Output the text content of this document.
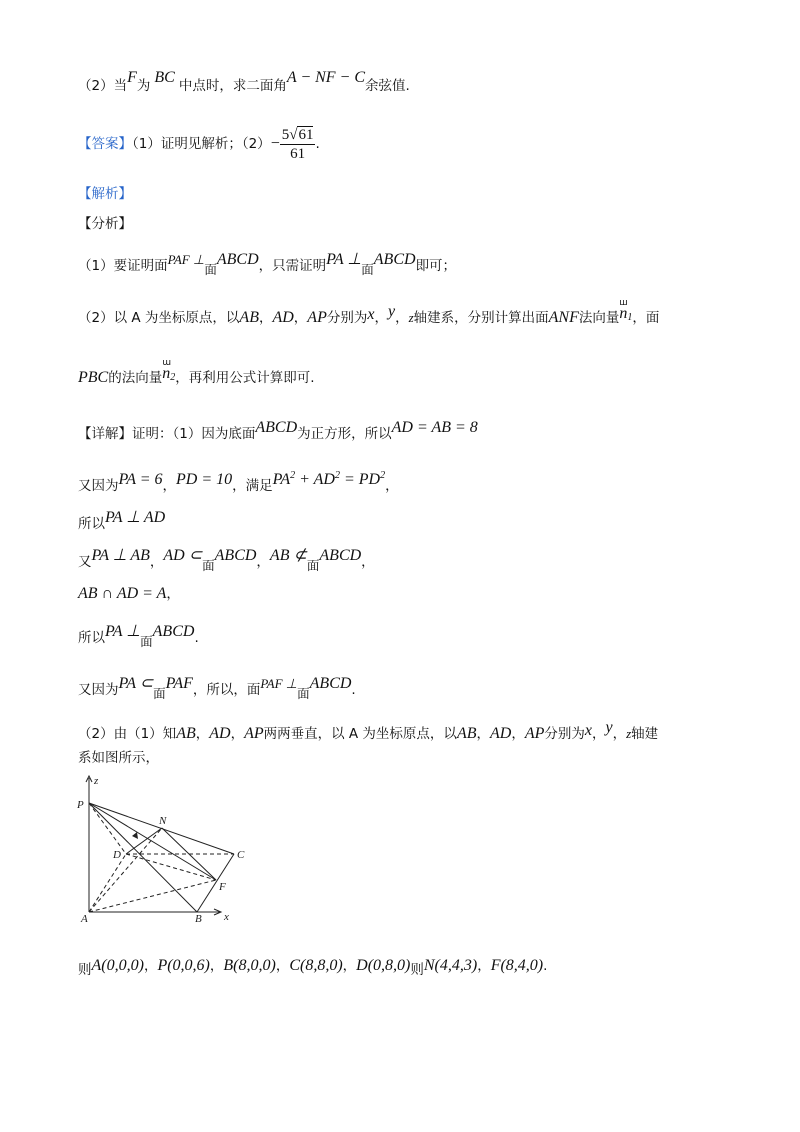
（2）当F为 BC 中点时，求二面角A − NF − C余弦值.
【答案】（1）证明见解析；$(2)- \frac{5√61}{61}$ .
【解析】
【分析】
（1）要证明面PAF ⊥面ABCD，只需证明PA ⊥面ABCD即可；
（2）以 A 为坐标原点，以AB，AD，AP分别为x，y，z轴建系，分别计算出面ANF法向量
ш
$n_1$，面
PBC的法向量
ɯ
$n_2$，再利用公式计算即可.
【详解】证明：（1）因为底面ABCD为正方形，所以AD = AB = 8
又因为PA = 6，PD = 10，满足$PA^2 + AD^2 = PD^2$，
所以PA ⊥ AD
又PA ⊥ AB，AD ⊂面ABCD，AB ⊄面ABCD，
AB ∩ AD = A，
所以PA ⊥面ABCD.
又因为PA ⊂面PAF，所以，面PAF ⊥面ABCD.
（2）由（1）知AB，AD，AP两两垂直，以 A 为坐标原点，以AB，AD，AP分别为x，y，z轴建
系如图所示，
z
P
N
D	C
F
A	B x
则A(0,0,0)，P(0,0,6)，B(8,0,0)，C(8,8,0)，D(0,8,0)则N(4,4,3)，F(8,4,0).
